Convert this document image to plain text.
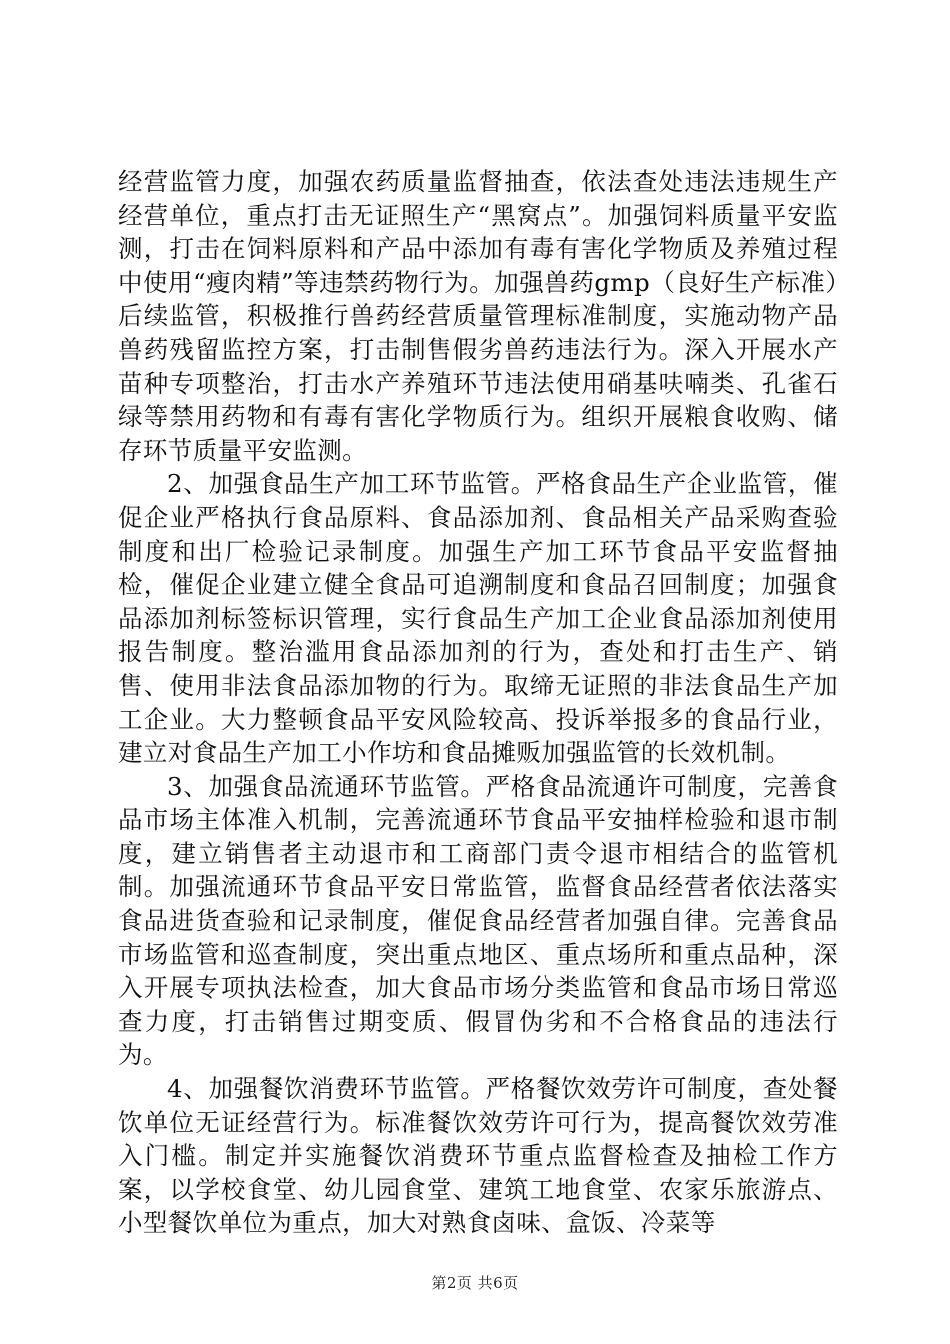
经营监管力度，加强农药质量监督抽查，依法查处违法违规生产经营单位，重点打击无证照生产“黑窝点”。加强饲料质量平安监测，打击在饲料原料和产品中添加有毒有害化学物质及养殖过程中使用“瘦肉精”等违禁药物行为。加强兽药gmp（良好生产标准）后续监管，积极推行兽药经营质量管理标准制度，实施动物产品兽药残留监控方案，打击制售假劣兽药违法行为。深入开展水产苗种专项整治，打击水产养殖环节违法使用硝基呋喃类、孔雀石绿等禁用药物和有毒有害化学物质行为。组织开展粮食收购、储存环节质量平安监测。

2、加强食品生产加工环节监管。严格食品生产企业监管，催促企业严格执行食品原料、食品添加剂、食品相关产品采购查验制度和出厂检验记录制度。加强生产加工环节食品平安监督抽检，催促企业建立健全食品可追溯制度和食品召回制度；加强食品添加剂标签标识管理，实行食品生产加工企业食品添加剂使用报告制度。整治滥用食品添加剂的行为，查处和打击生产、销售、使用非法食品添加物的行为。取缔无证照的非法食品生产加工企业。大力整顿食品平安风险较高、投诉举报多的食品行业，建立对食品生产加工小作坊和食品摊贩加强监管的长效机制。

3、加强食品流通环节监管。严格食品流通许可制度，完善食品市场主体准入机制，完善流通环节食品平安抽样检验和退市制度，建立销售者主动退市和工商部门责令退市相结合的监管机制。加强流通环节食品平安日常监管，监督食品经营者依法落实食品进货查验和记录制度，催促食品经营者加强自律。完善食品市场监管和巡查制度，突出重点地区、重点场所和重点品种，深入开展专项执法检查，加大食品市场分类监管和食品市场日常巡查力度，打击销售过期变质、假冒伪劣和不合格食品的违法行为。

4、加强餐饮消费环节监管。严格餐饮效劳许可制度，查处餐饮单位无证经营行为。标准餐饮效劳许可行为，提高餐饮效劳准入门槛。制定并实施餐饮消费环节重点监督检查及抽检工作方案，以学校食堂、幼儿园食堂、建筑工地食堂、农家乐旅游点、小型餐饮单位为重点，加大对熟食卤味、盒饭、冷菜等

第2页 共6页
